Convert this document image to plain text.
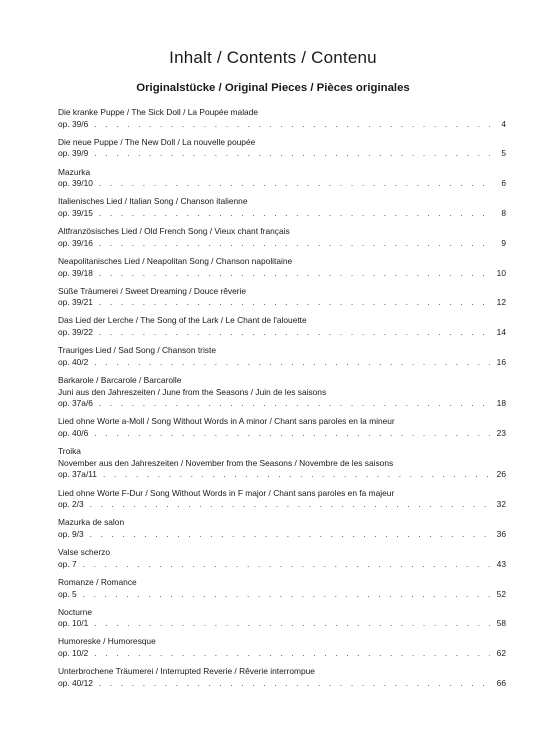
Inhalt / Contents / Contenu
Originalstücke / Original Pieces / Pièces originales
Die kranke Puppe / The Sick Doll / La Poupée malade
op. 39/6 . . .	4
Die neue Puppe / The New Doll / La nouvelle poupée
op. 39/9 . . .	5
Mazurka
op. 39/10 . . .	6
Italienisches Lied / Italian Song / Chanson italienne
op. 39/15 . . .	8
Altfranzösisches Lied / Old French Song / Vieux chant français
op. 39/16 . . .	9
Neapolitanisches Lied / Neapolitan Song / Chanson napolitaine
op. 39/18 . . .	10
Süße Träumerei / Sweet Dreaming / Douce rêverie
op. 39/21 . . .	12
Das Lied der Lerche / The Song of the Lark / Le Chant de l'alouette
op. 39/22 . . .	14
Trauriges Lied / Sad Song / Chanson triste
op. 40/2 . . .	16
Barkarole / Barcarole / Barcarolle
Juni aus den Jahreszeiten / June from the Seasons / Juin de les saisons
op. 37a/6 . . .	18
Lied ohne Worte a-Moll / Song Without Words in A minor / Chant sans paroles en la mineur
op. 40/6 . . .	23
Troika
November aus den Jahreszeiten / November from the Seasons / Novembre de les saisons
op. 37a/11 . . .	26
Lied ohne Worte F-Dur / Song Without Words in F major / Chant sans paroles en fa majeur
op. 2/3 . . .	32
Mazurka de salon
op. 9/3 . . .	36
Valse scherzo
op. 7 . . .	43
Romanze / Romance
op. 5 . . .	52
Nocturne
op. 10/1 . . .	58
Humoreske / Humoresque
op. 10/2 . . .	62
Unterbrochene Träumerei / Interrupted Reverie / Rêverie interrompue
op. 40/12 . . .	66
